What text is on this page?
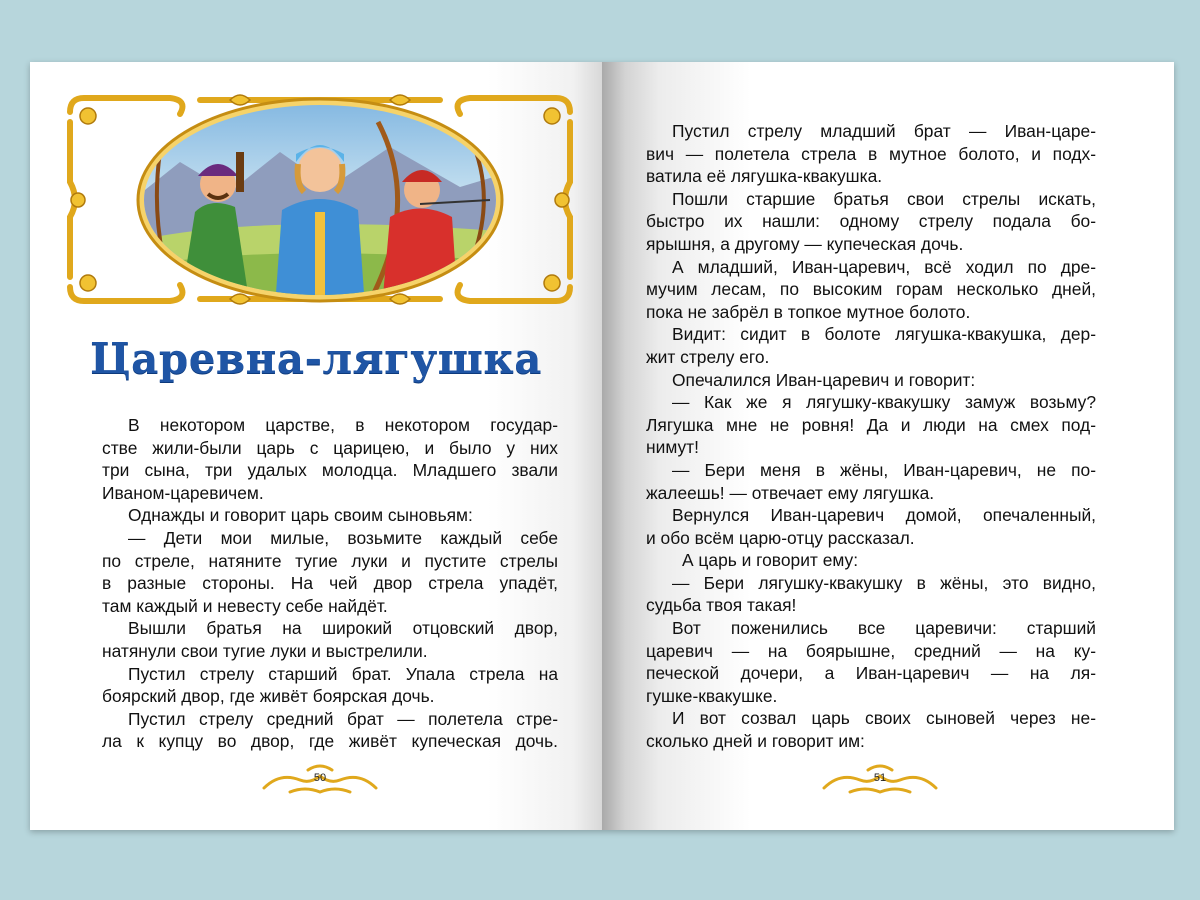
Царевна-лягушка
В некотором царстве, в некотором государ-
стве жили-были царь с царицею, и было у них
три сына, три удалых молодца. Младшего звали
Иваном-царевичем.
Однажды и говорит царь своим сыновьям:
— Дети мои милые, возьмите каждый себе
по стреле, натяните тугие луки и пустите стрелы
в разные стороны. На чей двор стрела упадёт,
там каждый и невесту себе найдёт.
Вышли братья на широкий отцовский двор,
натянули свои тугие луки и выстрелили.
Пустил стрелу старший брат. Упала стрела на
боярский двор, где живёт боярская дочь.
Пустил стрелу средний брат — полетела стре-
ла к купцу во двор, где живёт купеческая дочь.
50
Пустил стрелу младший брат — Иван-царе-
вич — полетела стрела в мутное болото, и подх-
ватила её лягушка-квакушка.
Пошли старшие братья свои стрелы искать,
быстро их нашли: одному стрелу подала бо-
ярышня, а другому — купеческая дочь.
А младший, Иван-царевич, всё ходил по дре-
мучим лесам, по высоким горам несколько дней,
пока не забрёл в топкое мутное болото.
Видит: сидит в болоте лягушка-квакушка, дер-
жит стрелу его.
Опечалился Иван-царевич и говорит:
— Как же я лягушку-квакушку замуж возьму?
Лягушка мне не ровня! Да и люди на смех под-
нимут!
— Бери меня в жёны, Иван-царевич, не по-
жалеешь! — отвечает ему лягушка.
Вернулся Иван-царевич домой, опечаленный,
и обо всём царю-отцу рассказал.
А царь и говорит ему:
— Бери лягушку-квакушку в жёны, это видно,
судьба твоя такая!
Вот поженились все царевичи: старший
царевич — на боярышне, средний — на ку-
печеской дочери, а Иван-царевич — на ля-
гушке-квакушке.
И вот созвал царь своих сыновей через не-
сколько дней и говорит им:
51
